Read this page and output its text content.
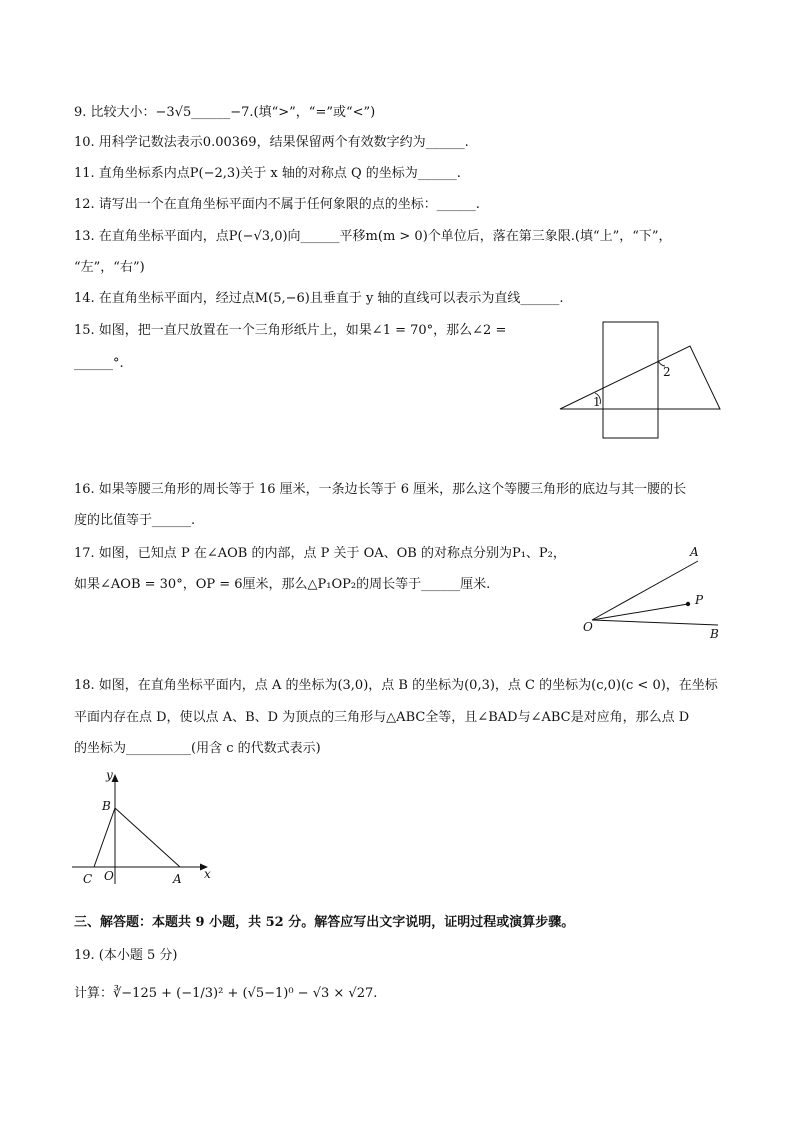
9. 比较大小：−3√5______−7.(填“>”，“=”或“<”)
10. 用科学记数法表示0.00369，结果保留两个有效数字约为______.
11. 直角坐标系内点P(−2,3)关于 x 轴的对称点 Q 的坐标为______.
12. 请写出一个在直角坐标平面内不属于任何象限的点的坐标：______.
13. 在直角坐标平面内，点P(−√3,0)向______平移m(m > 0)个单位后，落在第三象限.(填“上”，“下”，
“左”，“右”)
14. 在直角坐标平面内，经过点M(5,−6)且垂直于 y 轴的直线可以表示为直线______.
15. 如图，把一直尺放置在一个三角形纸片上，如果∠1 = 70°，那么∠2 =
______°.
1
2
16. 如果等腰三角形的周长等于 16 厘米，一条边长等于 6 厘米，那么这个等腰三角形的底边与其一腰的长
度的比值等于______.
17. 如图，已知点 P 在∠AOB 的内部，点 P 关于 OA、OB 的对称点分别为P₁、P₂，
如果∠AOB = 30°，OP = 6厘米，那么△P₁OP₂的周长等于______厘米.
A
P
O	B
18. 如图，在直角坐标平面内，点 A 的坐标为(3,0)，点 B 的坐标为(0,3)，点 C 的坐标为(c,0)(c < 0)，在坐标
平面内存在点 D，使以点 A、B、D 为顶点的三角形与△ABC全等，且∠BAD与∠ABC是对应角，那么点 D
的坐标为__________(用含 c 的代数式表示)
y
x
B
C O	A
三、解答题：本题共 9 小题，共 52 分。解答应写出文字说明，证明过程或演算步骤。
19. (本小题 5 分)
计算：∛−125 + (−1/3)² + (√5−1)⁰ − √3 × √27.
